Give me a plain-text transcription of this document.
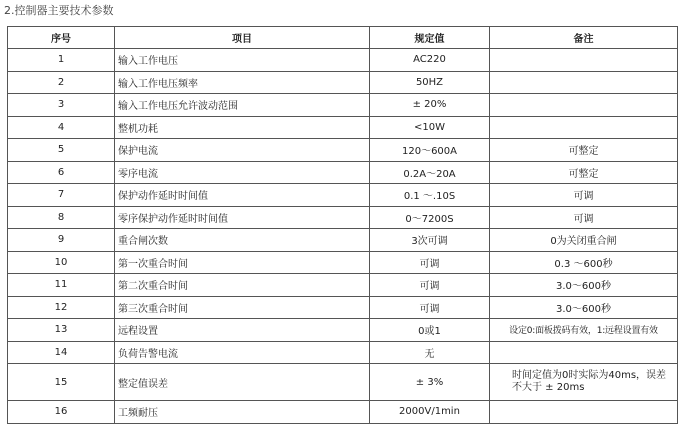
2.控制器主要技术参数
序号	项目	规定值	备注
1	输入工作电压	AC220	
2	输入工作电压频率	50HZ	
3	输入工作电压允许波动范围	± 20%	
4	整机功耗	<10W	
5	保护电流	120～600A	可整定
6	零序电流	0.2A～20A	可整定
7	保护动作延时时间值	0.1 ～.10S	可调
8	零序保护动作延时时间值	0～7200S	可调
9	重合闸次数	3次可调	0为关闭重合闸
10	第一次重合时间	可调	0.3 ～600秒
11	第二次重合时间	可调	3.0～600秒
12	第三次重合时间	可调	3.0～600秒
13	远程设置	0或1	设定0:面板拨码有效，1:远程设置有效
14	负荷告警电流	无	
15	整定值误差	± 3%	时间定值为0时实际为40ms，误差不大于 ± 20ms
16	工频耐压	2000V/1min	
